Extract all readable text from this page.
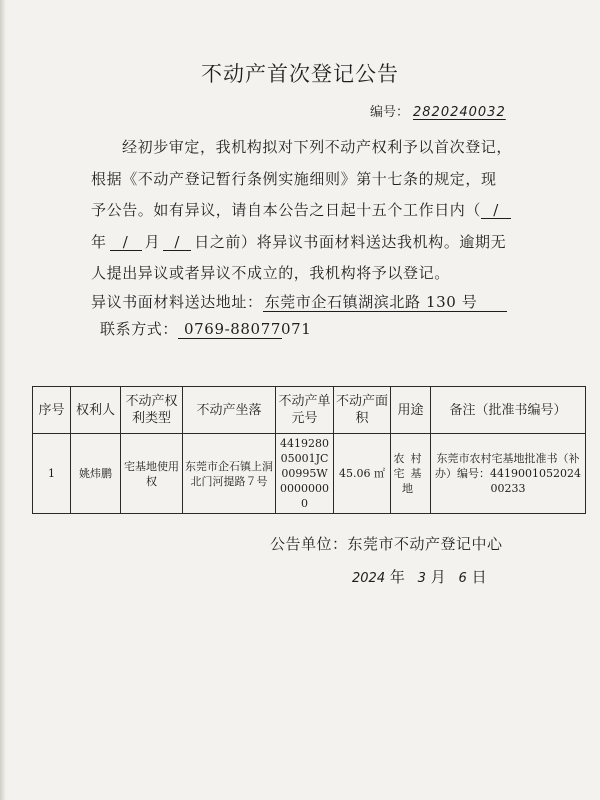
不动产首次登记公告
编号： 2820240032
经初步审定，我机构拟对下列不动产权利予以首次登记，
根据《不动产登记暂行条例实施细则》第十七条的规定，现
予公告。如有异议，请自本公告之日起十五个工作日内（ /
年 / 月 / 日之前）将异议书面材料送达我机构。逾期无
人提出异议或者异议不成立的，我机构将予以登记。
异议书面材料送达地址： 东莞市企石镇湖滨北路 130 号
联系方式： 0769-88077071
序号	权利人	不动产权利类型	不动产坐落	不动产单元号	不动产面积	用途	备注（批准书编号）
1	姚炜鹏	宅基地使用权	东莞市企石镇上洞北门河提路７号	441928005001JC00995W00000000	45.06 ㎡	农村宅基地	东莞市农村宅基地批准书（补办）编号：441900105202400233
公告单位：东莞市不动产登记中心
2024 年 3 月 6 日
